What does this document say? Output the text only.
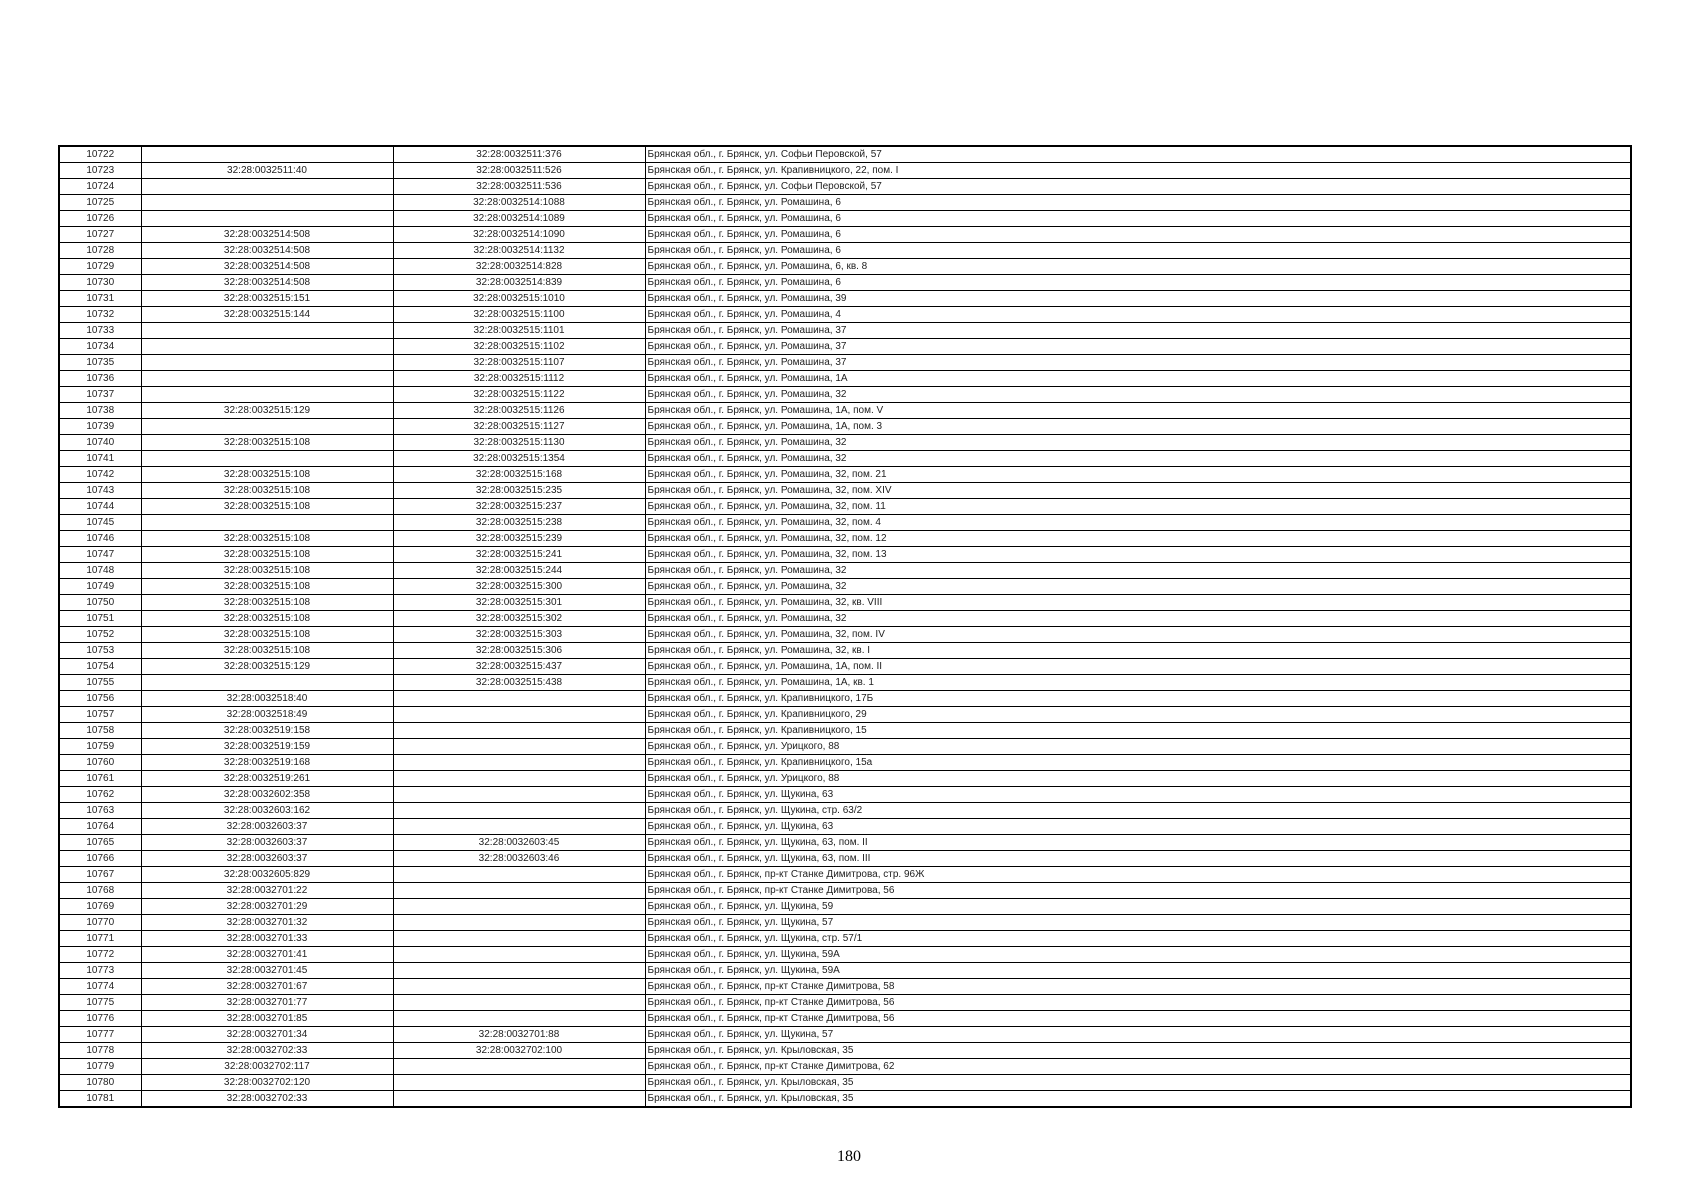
10722		32:28:0032511:376	Брянская обл., г. Брянск, ул. Софьи Перовской, 57
10723	32:28:0032511:40	32:28:0032511:526	Брянская обл., г. Брянск, ул. Крапивницкого, 22, пом. I
10724		32:28:0032511:536	Брянская обл., г. Брянск, ул. Софьи Перовской, 57
10725		32:28:0032514:1088	Брянская обл., г. Брянск, ул. Ромашина, 6
10726		32:28:0032514:1089	Брянская обл., г. Брянск, ул. Ромашина, 6
10727	32:28:0032514:508	32:28:0032514:1090	Брянская обл., г. Брянск, ул. Ромашина, 6
10728	32:28:0032514:508	32:28:0032514:1132	Брянская обл., г. Брянск, ул. Ромашина, 6
10729	32:28:0032514:508	32:28:0032514:828	Брянская обл., г. Брянск, ул. Ромашина, 6, кв. 8
10730	32:28:0032514:508	32:28:0032514:839	Брянская обл., г. Брянск, ул. Ромашина, 6
10731	32:28:0032515:151	32:28:0032515:1010	Брянская обл., г. Брянск, ул. Ромашина, 39
10732	32:28:0032515:144	32:28:0032515:1100	Брянская обл., г. Брянск, ул. Ромашина, 4
10733		32:28:0032515:1101	Брянская обл., г. Брянск, ул. Ромашина, 37
10734		32:28:0032515:1102	Брянская обл., г. Брянск, ул. Ромашина, 37
10735		32:28:0032515:1107	Брянская обл., г. Брянск, ул. Ромашина, 37
10736		32:28:0032515:1112	Брянская обл., г. Брянск, ул. Ромашина, 1А
10737		32:28:0032515:1122	Брянская обл., г. Брянск, ул. Ромашина, 32
10738	32:28:0032515:129	32:28:0032515:1126	Брянская обл., г. Брянск, ул. Ромашина, 1А, пом. V
10739		32:28:0032515:1127	Брянская обл., г. Брянск, ул. Ромашина, 1А, пом. 3
10740	32:28:0032515:108	32:28:0032515:1130	Брянская обл., г. Брянск, ул. Ромашина, 32
10741		32:28:0032515:1354	Брянская обл., г. Брянск, ул. Ромашина, 32
10742	32:28:0032515:108	32:28:0032515:168	Брянская обл., г. Брянск, ул. Ромашина, 32, пом. 21
10743	32:28:0032515:108	32:28:0032515:235	Брянская обл., г. Брянск, ул. Ромашина, 32, пом. XIV
10744	32:28:0032515:108	32:28:0032515:237	Брянская обл., г. Брянск, ул. Ромашина, 32, пом. 11
10745		32:28:0032515:238	Брянская обл., г. Брянск, ул. Ромашина, 32, пом. 4
10746	32:28:0032515:108	32:28:0032515:239	Брянская обл., г. Брянск, ул. Ромашина, 32, пом. 12
10747	32:28:0032515:108	32:28:0032515:241	Брянская обл., г. Брянск, ул. Ромашина, 32, пом. 13
10748	32:28:0032515:108	32:28:0032515:244	Брянская обл., г. Брянск, ул. Ромашина, 32
10749	32:28:0032515:108	32:28:0032515:300	Брянская обл., г. Брянск, ул. Ромашина, 32
10750	32:28:0032515:108	32:28:0032515:301	Брянская обл., г. Брянск, ул. Ромашина, 32, кв. VIII
10751	32:28:0032515:108	32:28:0032515:302	Брянская обл., г. Брянск, ул. Ромашина, 32
10752	32:28:0032515:108	32:28:0032515:303	Брянская обл., г. Брянск, ул. Ромашина, 32, пом. IV
10753	32:28:0032515:108	32:28:0032515:306	Брянская обл., г. Брянск, ул. Ромашина, 32, кв. I
10754	32:28:0032515:129	32:28:0032515:437	Брянская обл., г. Брянск, ул. Ромашина, 1А, пом. II
10755		32:28:0032515:438	Брянская обл., г. Брянск, ул. Ромашина, 1А, кв. 1
10756	32:28:0032518:40		Брянская обл., г. Брянск, ул. Крапивницкого, 17Б
10757	32:28:0032518:49		Брянская обл., г. Брянск, ул. Крапивницкого, 29
10758	32:28:0032519:158		Брянская обл., г. Брянск, ул. Крапивницкого, 15
10759	32:28:0032519:159		Брянская обл., г. Брянск, ул. Урицкого, 88
10760	32:28:0032519:168		Брянская обл., г. Брянск, ул. Крапивницкого, 15а
10761	32:28:0032519:261		Брянская обл., г. Брянск, ул. Урицкого, 88
10762	32:28:0032602:358		Брянская обл., г. Брянск, ул. Щукина, 63
10763	32:28:0032603:162		Брянская обл., г. Брянск, ул. Щукина, стр. 63/2
10764	32:28:0032603:37		Брянская обл., г. Брянск, ул. Щукина, 63
10765	32:28:0032603:37	32:28:0032603:45	Брянская обл., г. Брянск, ул. Щукина, 63, пом. II
10766	32:28:0032603:37	32:28:0032603:46	Брянская обл., г. Брянск, ул. Щукина, 63, пом. III
10767	32:28:0032605:829		Брянская обл., г. Брянск, пр-кт Станке Димитрова, стр. 96Ж
10768	32:28:0032701:22		Брянская обл., г. Брянск, пр-кт Станке Димитрова, 56
10769	32:28:0032701:29		Брянская обл., г. Брянск, ул. Щукина, 59
10770	32:28:0032701:32		Брянская обл., г. Брянск, ул. Щукина, 57
10771	32:28:0032701:33		Брянская обл., г. Брянск, ул. Щукина, стр. 57/1
10772	32:28:0032701:41		Брянская обл., г. Брянск, ул. Щукина, 59А
10773	32:28:0032701:45		Брянская обл., г. Брянск, ул. Щукина, 59А
10774	32:28:0032701:67		Брянская обл., г. Брянск, пр-кт Станке Димитрова, 58
10775	32:28:0032701:77		Брянская обл., г. Брянск, пр-кт Станке Димитрова, 56
10776	32:28:0032701:85		Брянская обл., г. Брянск, пр-кт Станке Димитрова, 56
10777	32:28:0032701:34	32:28:0032701:88	Брянская обл., г. Брянск, ул. Щукина, 57
10778	32:28:0032702:33	32:28:0032702:100	Брянская обл., г. Брянск, ул. Крыловская, 35
10779	32:28:0032702:117		Брянская обл., г. Брянск, пр-кт Станке Димитрова, 62
10780	32:28:0032702:120		Брянская обл., г. Брянск, ул. Крыловская, 35
10781	32:28:0032702:33		Брянская обл., г. Брянск, ул. Крыловская, 35
180
